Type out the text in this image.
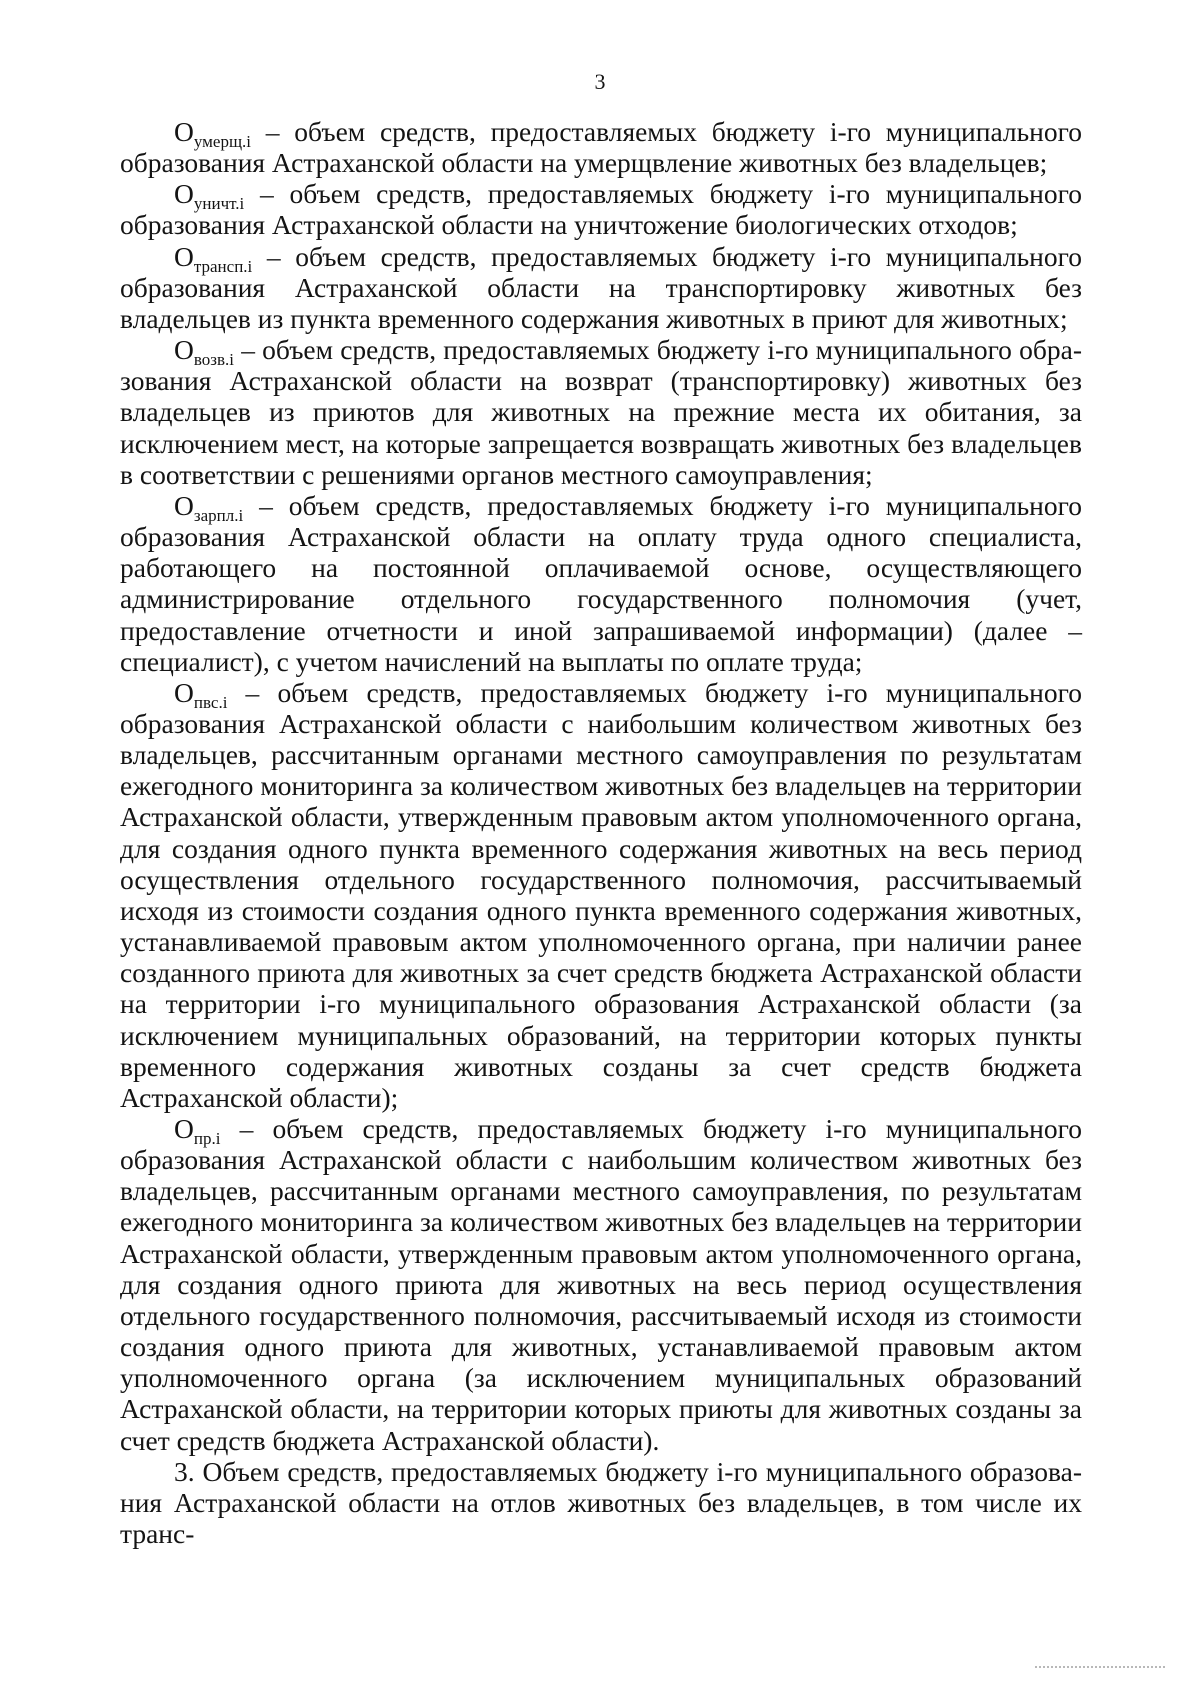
3

$О_{умерщ.i}$ – объем средств, предоставляемых бюджету i-го муниципального образования Астраханской области на умерщвление животных без владельцев;

$О_{уничт.i}$ – объем средств, предоставляемых бюджету i-го муниципального образования Астраханской области на уничтожение биологических отходов;

$О_{трансп.i}$ – объем средств, предоставляемых бюджету i-го муниципального образования Астраханской области на транспортировку животных без владельцев из пункта временного содержания животных в приют для животных;

$О_{возв.i}$ – объем средств, предоставляемых бюджету i-го муниципального образования Астраханской области на возврат (транспортировку) животных без владельцев из приютов для животных на прежние места их обитания, за исключением мест, на которые запрещается возвращать животных без владельцев в соответствии с решениями органов местного самоуправления;

$О_{зарпл.i}$ – объем средств, предоставляемых бюджету i-го муниципального образования Астраханской области на оплату труда одного специалиста, работающего на постоянной оплачиваемой основе, осуществляющего администрирование отдельного государственного полномочия (учет, предоставление отчетности и иной запрашиваемой информации) (далее – специалист), с учетом начислений на выплаты по оплате труда;

$О_{пвс.i}$ – объем средств, предоставляемых бюджету i-го муниципального образования Астраханской области с наибольшим количеством животных без владельцев, рассчитанным органами местного самоуправления по результатам ежегодного мониторинга за количеством животных без владельцев на территории Астраханской области, утвержденным правовым актом уполномоченного органа, для создания одного пункта временного содержания животных на весь период осуществления отдельного государственного полномочия, рассчитываемый исходя из стоимости создания одного пункта временного содержания животных, устанавливаемой правовым актом уполномоченного органа, при наличии ранее созданного приюта для животных за счет средств бюджета Астраханской области на территории i-го муниципального образования Астраханской области (за исключением муниципальных образований, на территории которых пункты временного содержания животных созданы за счет средств бюджета Астраханской области);

$О_{пр.i}$ – объем средств, предоставляемых бюджету i-го муниципального образования Астраханской области с наибольшим количеством животных без владельцев, рассчитанным органами местного самоуправления, по результатам ежегодного мониторинга за количеством животных без владельцев на территории Астраханской области, утвержденным правовым актом уполномоченного органа, для создания одного приюта для животных на весь период осуществления отдельного государственного полномочия, рассчитываемый исходя из стоимости создания одного приюта для животных, устанавливаемой правовым актом уполномоченного органа (за исключением муниципальных образований Астраханской области, на территории которых приюты для животных созданы за счет средств бюджета Астраханской области).

3. Объем средств, предоставляемых бюджету i-го муниципального образования Астраханской области на отлов животных без владельцев, в том числе их транс-
